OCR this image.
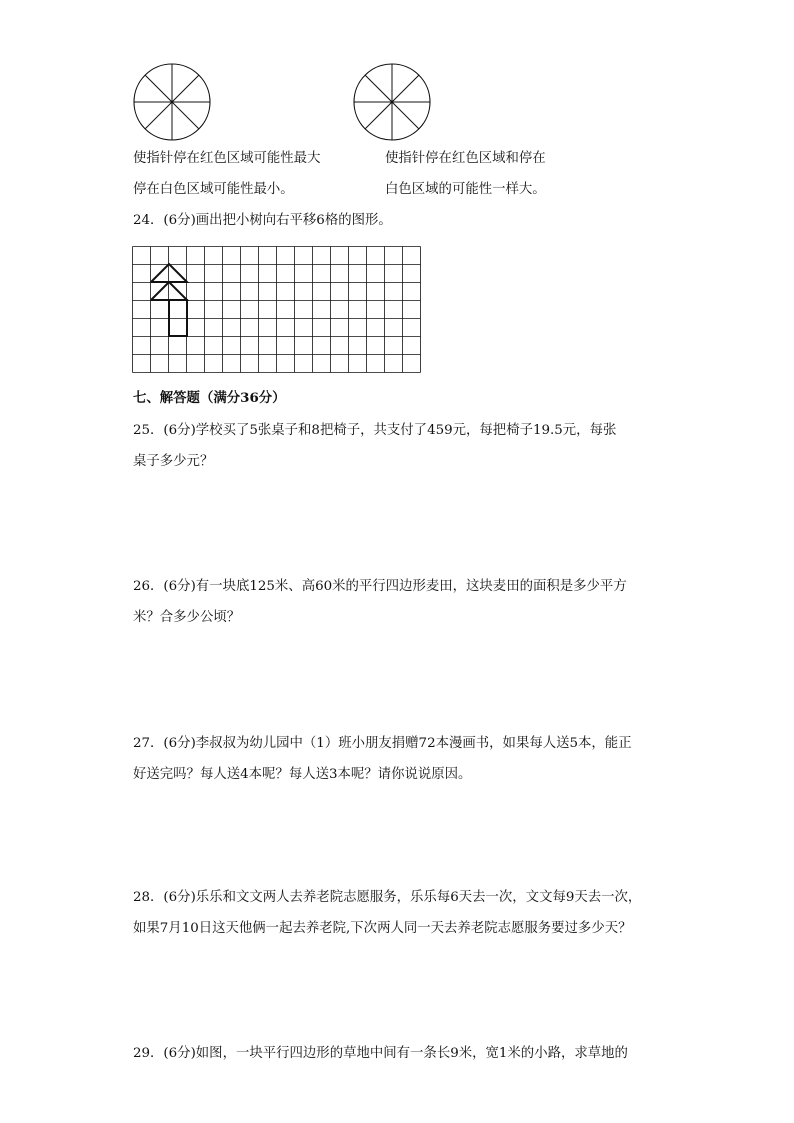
使指针停在红色区域可能性最大
停在白色区域可能性最小。
使指针停在红色区域和停在
白色区域的可能性一样大。
24．(6分)画出把小树向右平移6格的图形。
七、解答题（满分36分）
25．(6分)学校买了5张桌子和8把椅子，共支付了459元，每把椅子19.5元，每张
桌子多少元？
26．(6分)有一块底125米、高60米的平行四边形麦田，这块麦田的面积是多少平方
米？合多少公顷？
27．(6分)李叔叔为幼儿园中（1）班小朋友捐赠72本漫画书，如果每人送5本，能正
好送完吗？每人送4本呢？每人送3本呢？请你说说原因。
28．(6分)乐乐和文文两人去养老院志愿服务，乐乐每6天去一次，文文每9天去一次，
如果7月10日这天他俩一起去养老院,下次两人同一天去养老院志愿服务要过多少天？
29．(6分)如图，一块平行四边形的草地中间有一条长9米，宽1米的小路，求草地的
